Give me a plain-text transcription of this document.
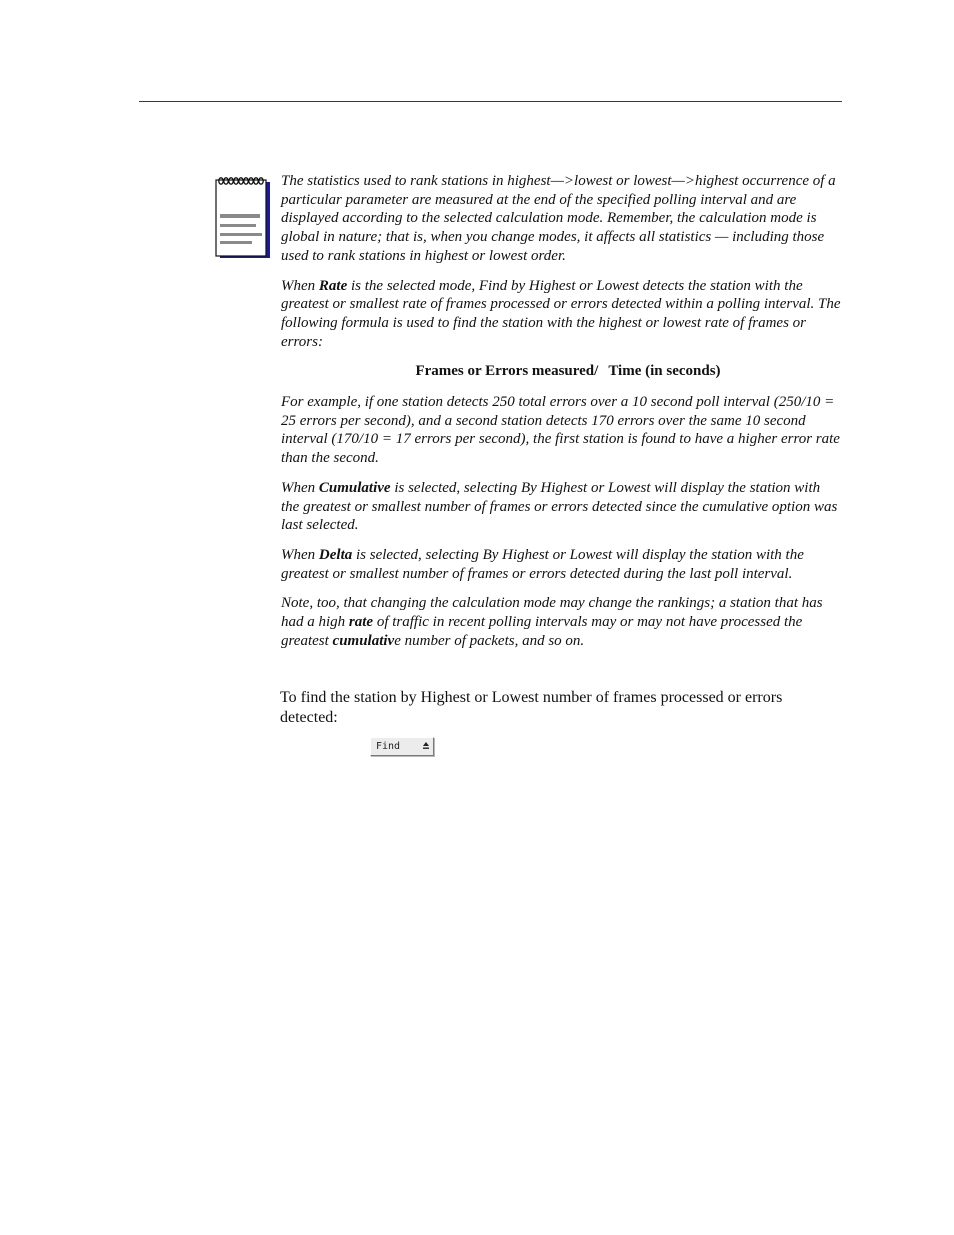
The statistics used to rank stations in highest—>lowest or lowest—>highest occurrence of a particular parameter are measured at the end of the specified polling interval and are displayed according to the selected calculation mode. Remember, the calculation mode is global in nature; that is, when you change modes, it affects all statistics — including those used to rank stations in highest or lowest order.

When Rate is the selected mode, Find by Highest or Lowest detects the station with the greatest or smallest rate of frames processed or errors detected within a polling interval. The following formula is used to find the station with the highest or lowest rate of frames or errors:

Frames or Errors measured/ Time (in seconds)

For example, if one station detects 250 total errors over a 10 second poll interval (250/10 = 25 errors per second), and a second station detects 170 errors over the same 10 second interval (170/10 = 17 errors per second), the first station is found to have a higher error rate than the second.

When Cumulative is selected, selecting By Highest or Lowest will display the station with the greatest or smallest number of frames or errors detected since the cumulative option was last selected.

When Delta is selected, selecting By Highest or Lowest will display the station with the greatest or smallest number of frames or errors detected during the last poll interval.

Note, too, that changing the calculation mode may change the rankings; a station that has had a high rate of traffic in recent polling intervals may or may not have processed the greatest cumulative number of packets, and so on.

To find the station by Highest or Lowest number of frames processed or errors detected:

Find
